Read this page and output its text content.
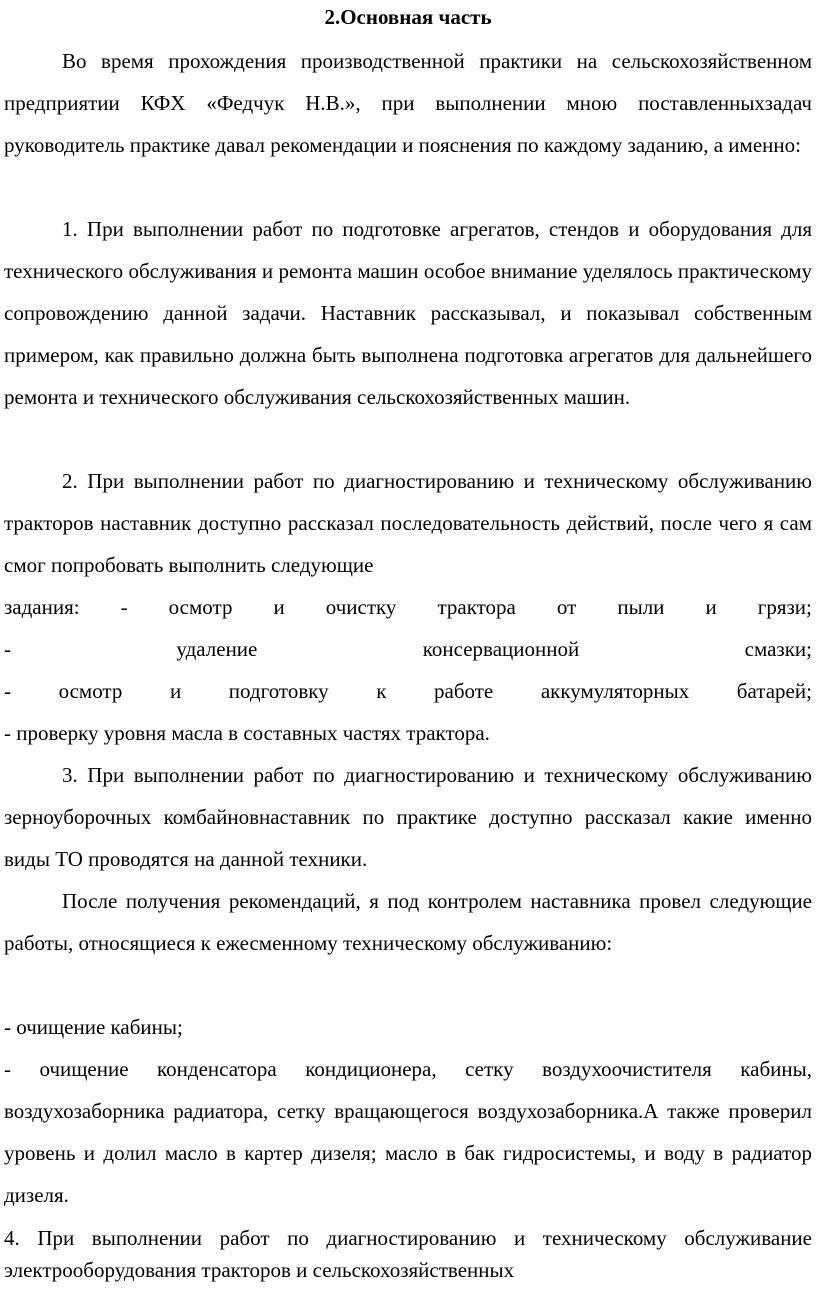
2.Основная часть

Во время прохождения производственной практики на сельскохозяйственном предприятии КФХ «Федчук Н.В.», при выполнении мною поставленныхзадач руководитель практике давал рекомендации и пояснения по каждому заданию, а именно:

1. При выполнении работ по подготовке агрегатов, стендов и оборудования для технического обслуживания и ремонта машин особое внимание уделялось практическому сопровождению данной задачи. Наставник рассказывал, и показывал собственным примером, как правильно должна быть выполнена подготовка агрегатов для дальнейшего ремонта и технического обслуживания сельскохозяйственных машин.

2. При выполнении работ по диагностированию и техническому обслуживанию тракторов наставник доступно рассказал последовательность действий, после чего я сам смог попробовать выполнить следующие

задания: - осмотр и очистку трактора от пыли и грязи;
-	удаление	консервационной	смазки;
- осмотр и подготовку к работе аккумуляторных батарей;
- проверку уровня масла в составных частях трактора.

3. При выполнении работ по диагностированию и техническому обслуживанию зерноуборочных комбайновнаставник по практике доступно рассказал какие именно виды ТО проводятся на данной техники.

После получения рекомендаций, я под контролем наставника провел следующие работы, относящиеся к ежесменному техническому обслуживанию:

- очищение кабины;

- очищение конденсатора кондиционера, сетку воздухоочистителя кабины, воздухозаборника радиатора, сетку вращающегося воздухозаборника.А также проверил уровень и долил масло в картер дизеля; масло в бак гидросистемы, и воду в радиатор дизеля.

4. При выполнении работ по диагностированию и техническому обслуживание электрооборудования тракторов и сельскохозяйственных
